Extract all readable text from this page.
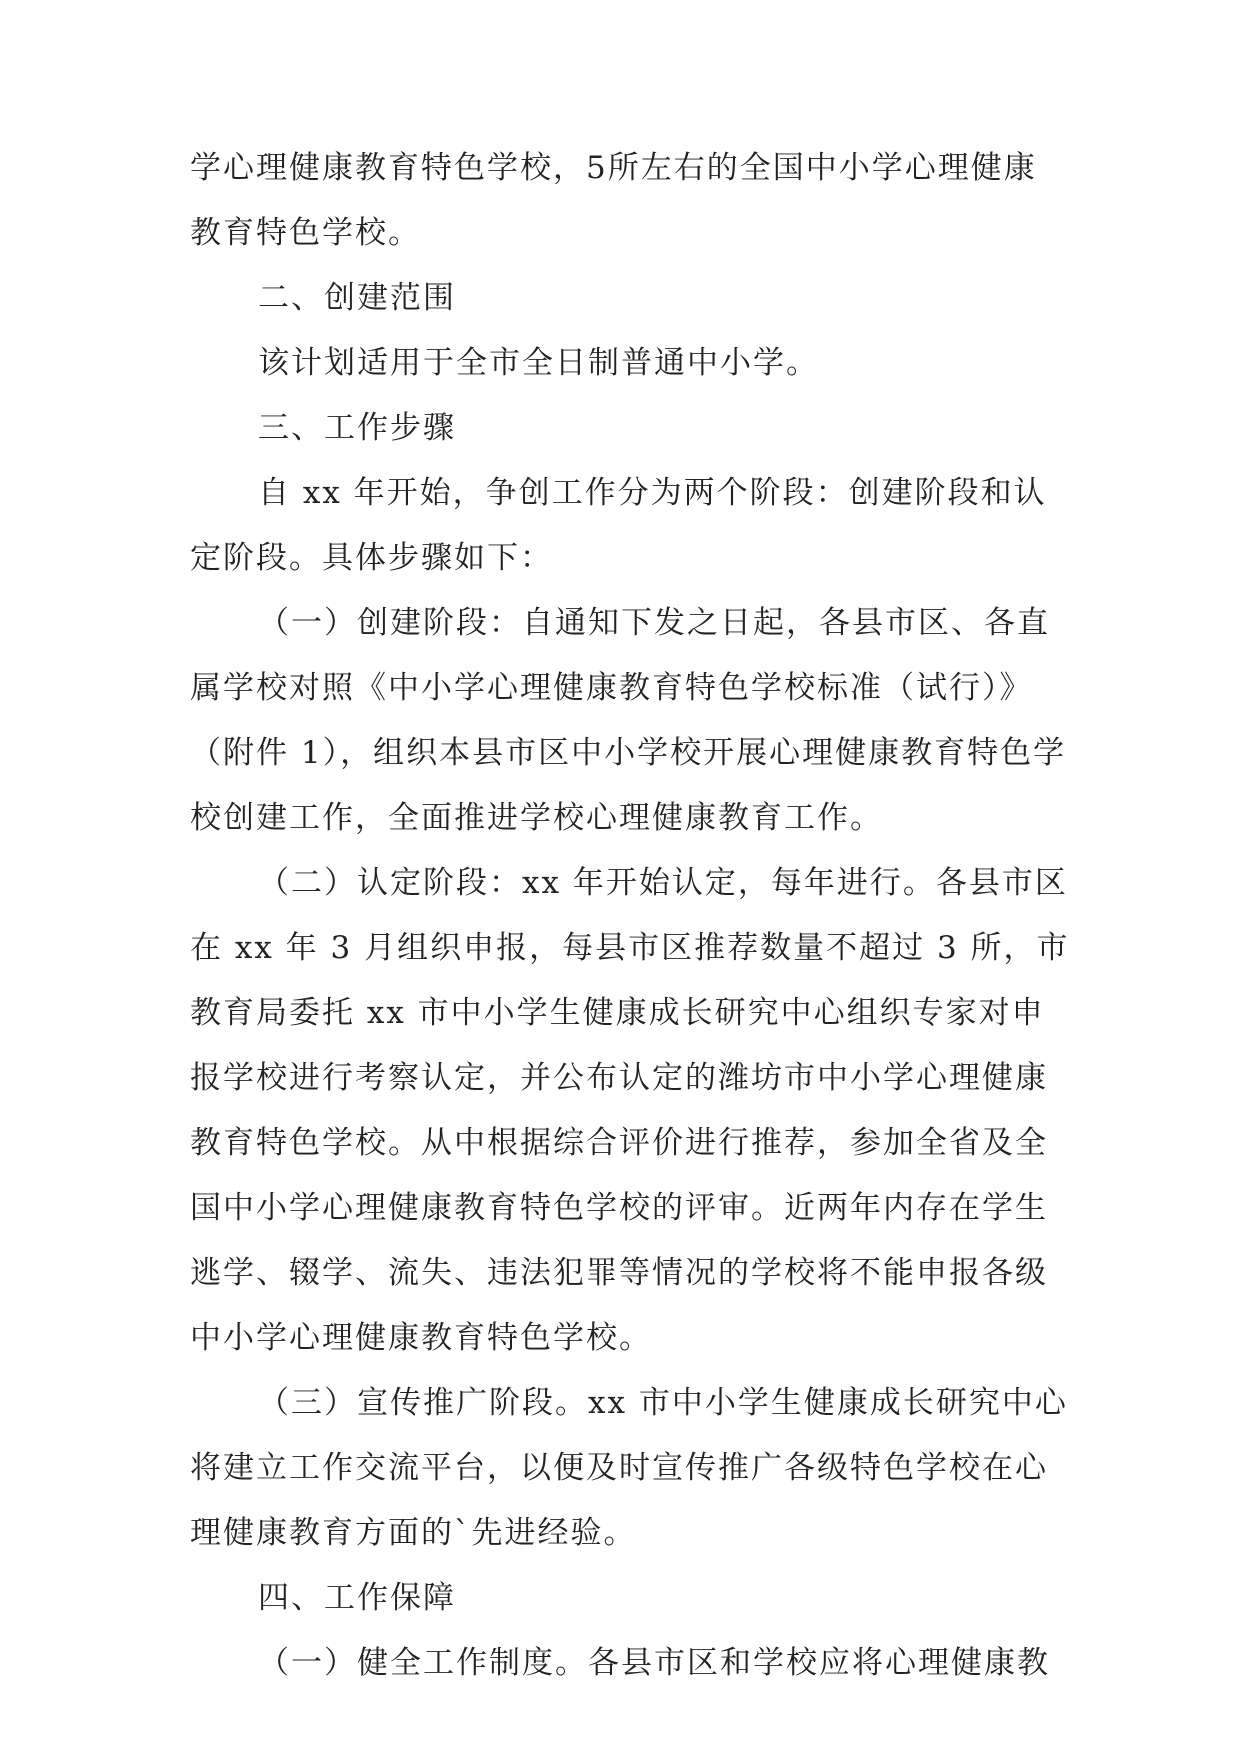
学心理健康教育特色学校，5所左右的全国中小学心理健康
教育特色学校。
二、创建范围
该计划适用于全市全日制普通中小学。
三、工作步骤
自 xx 年开始，争创工作分为两个阶段：创建阶段和认
定阶段。具体步骤如下：
（一）创建阶段：自通知下发之日起，各县市区、各直
属学校对照《中小学心理健康教育特色学校标准（试行）》
（附件 1），组织本县市区中小学校开展心理健康教育特色学
校创建工作，全面推进学校心理健康教育工作。
（二）认定阶段：xx 年开始认定，每年进行。各县市区
在 xx 年 3 月组织申报，每县市区推荐数量不超过 3 所，市
教育局委托 xx 市中小学生健康成长研究中心组织专家对申
报学校进行考察认定，并公布认定的潍坊市中小学心理健康
教育特色学校。从中根据综合评价进行推荐，参加全省及全
国中小学心理健康教育特色学校的评审。近两年内存在学生
逃学、辍学、流失、违法犯罪等情况的学校将不能申报各级
中小学心理健康教育特色学校。
（三）宣传推广阶段。xx 市中小学生健康成长研究中心
将建立工作交流平台，以便及时宣传推广各级特色学校在心
理健康教育方面的`先进经验。
四、工作保障
（一）健全工作制度。各县市区和学校应将心理健康教
